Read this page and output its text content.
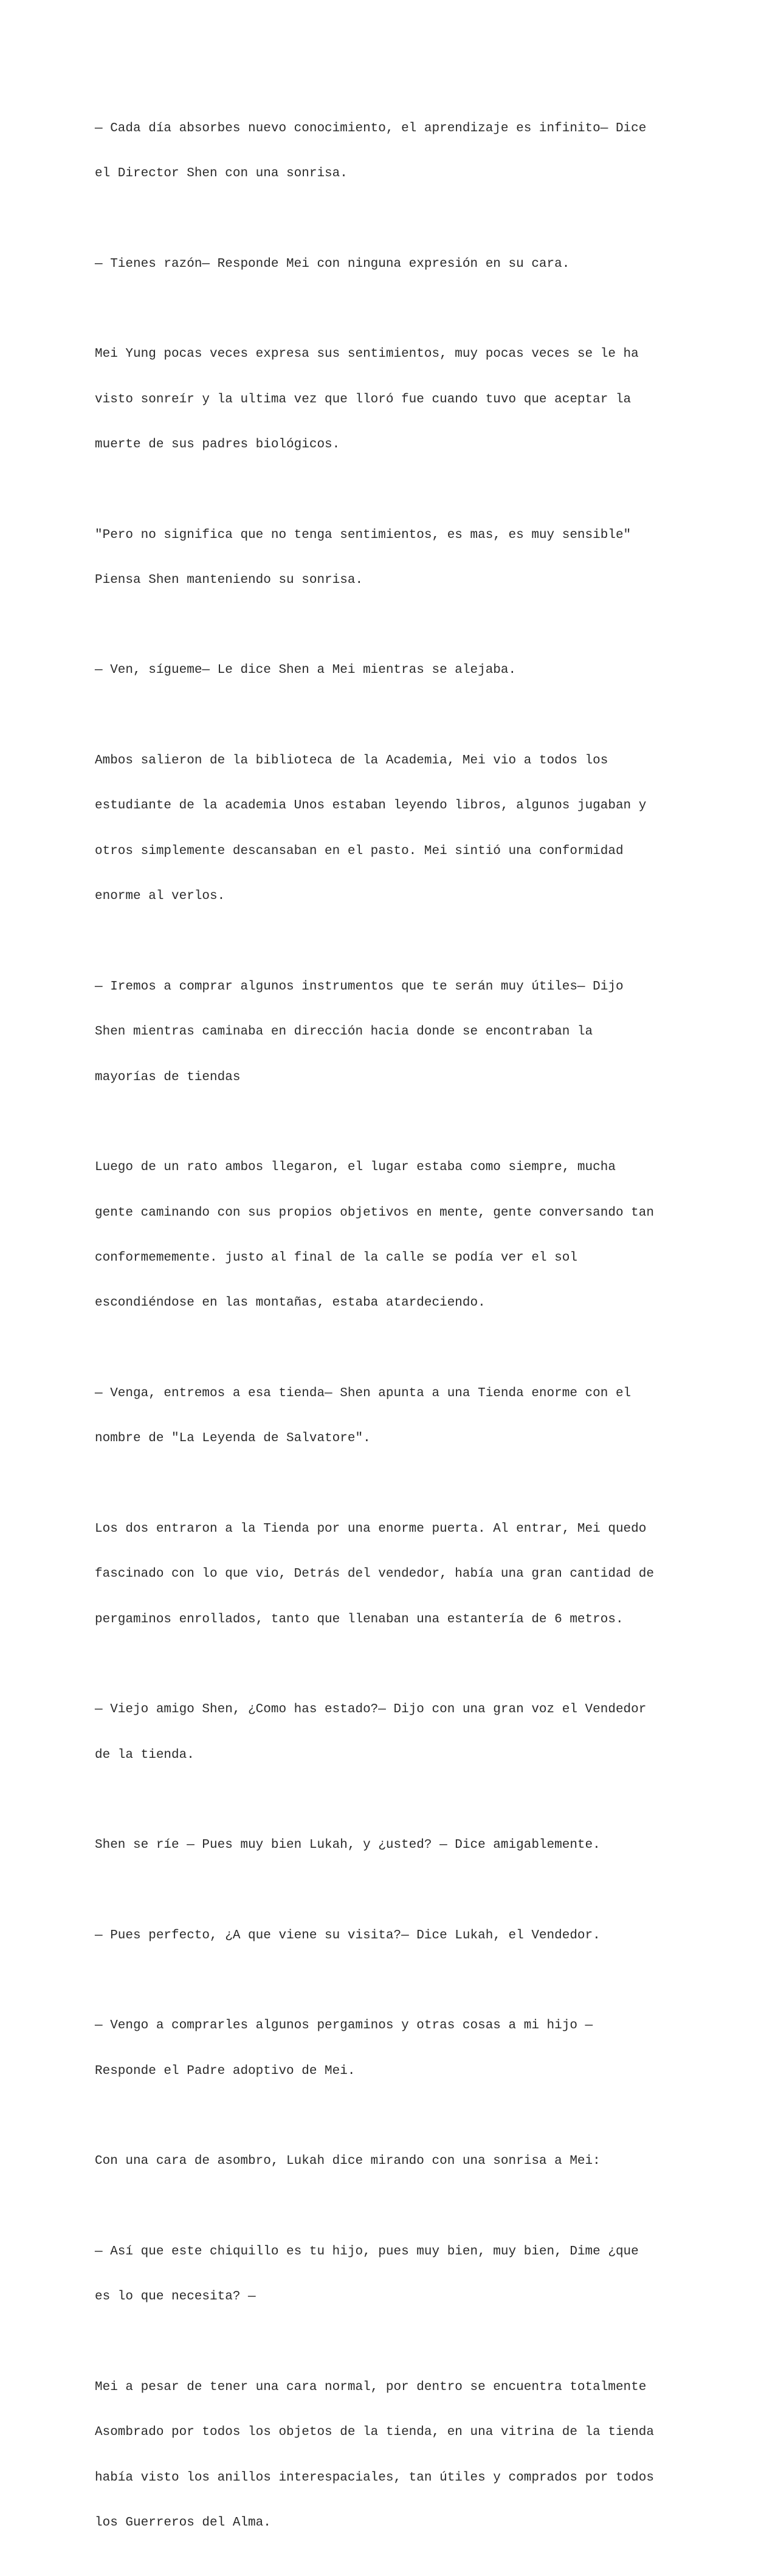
— Cada día absorbes nuevo conocimiento, el aprendizaje es infinito— Dice

el Director Shen con una sonrisa.

— Tienes razón— Responde Mei con ninguna expresión en su cara.

Mei Yung pocas veces expresa sus sentimientos, muy pocas veces se le ha

visto sonreír y la ultima vez que lloró fue cuando tuvo que aceptar la

muerte de sus padres biológicos.

"Pero no significa que no tenga sentimientos, es mas, es muy sensible"

Piensa Shen manteniendo su sonrisa.

— Ven, sígueme— Le dice Shen a Mei mientras se alejaba.

Ambos salieron de la biblioteca de la Academia, Mei vio a todos los

estudiante de la academia Unos estaban leyendo libros, algunos jugaban y

otros simplemente descansaban en el pasto. Mei sintió una conformidad

enorme al verlos.

— Iremos a comprar algunos instrumentos que te serán muy útiles— Dijo

Shen mientras caminaba en dirección hacia donde se encontraban la

mayorías de tiendas

Luego de un rato ambos llegaron, el lugar estaba como siempre, mucha

gente caminando con sus propios objetivos en mente, gente conversando tan

conformememente. justo al final de la calle se podía ver el sol

escondiéndose en las montañas, estaba atardeciendo.

— Venga, entremos a esa tienda— Shen apunta a una Tienda enorme con el

nombre de "La Leyenda de Salvatore".

Los dos entraron a la Tienda por una enorme puerta. Al entrar, Mei quedo

fascinado con lo que vio, Detrás del vendedor, había una gran cantidad de

pergaminos enrollados, tanto que llenaban una estantería de 6 metros.

— Viejo amigo Shen, ¿Como has estado?— Dijo con una gran voz el Vendedor

de la tienda.

Shen se ríe — Pues muy bien Lukah, y ¿usted? — Dice amigablemente.

— Pues perfecto, ¿A que viene su visita?— Dice Lukah, el Vendedor.

— Vengo a comprarles algunos pergaminos y otras cosas a mi hijo —

Responde el Padre adoptivo de Mei.

Con una cara de asombro, Lukah dice mirando con una sonrisa a Mei:

— Así que este chiquillo es tu hijo, pues muy bien, muy bien, Dime ¿que

es lo que necesita? —

Mei a pesar de tener una cara normal, por dentro se encuentra totalmente

Asombrado por todos los objetos de la tienda, en una vitrina de la tienda

había visto los anillos interespaciales, tan útiles y comprados por todos

los Guerreros del Alma.
